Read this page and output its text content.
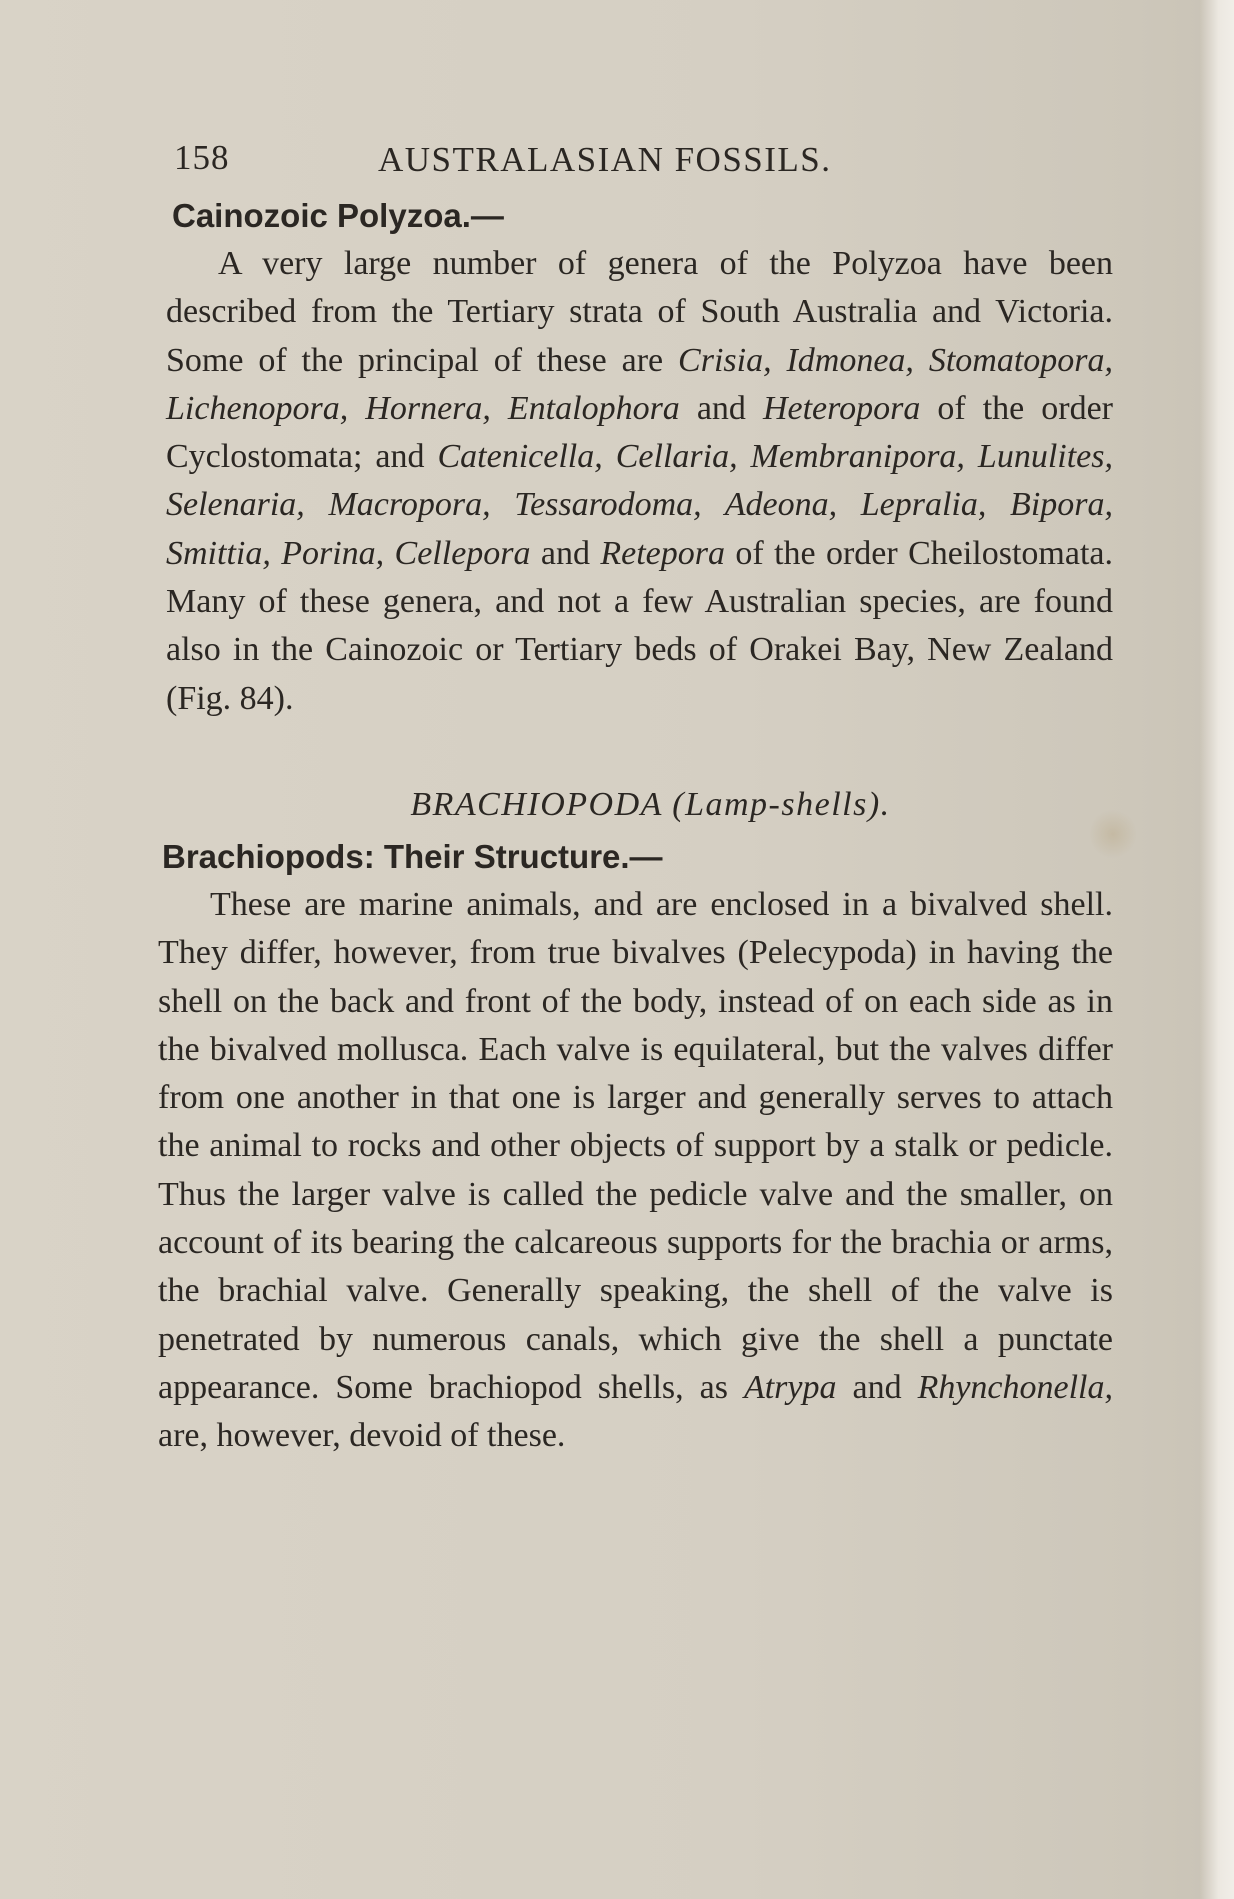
158	AUSTRALASIAN FOSSILS.
Cainozoic Polyzoa.—

A very large number of genera of the Polyzoa have been described from the Tertiary strata of South Australia and Victoria. Some of the principal of these are Crisia, Idmonea, Stomatopora, Lichenopora, Hornera, Entalophora and Heteropora of the order Cyclostomata; and Catenicella, Cellaria, Membranipora, Lunulites, Selenaria, Macropora, Tessarodoma, Adeona, Lepralia, Bipora, Smittia, Porina, Cellepora and Retepora of the order Cheilostomata. Many of these genera, and not a few Australian species, are found also in the Cainozoic or Tertiary beds of Orakei Bay, New Zealand (Fig. 84).

BRACHIOPODA (Lamp-shells).
Brachiopods: Their Structure.—

These are marine animals, and are enclosed in a bivalved shell. They differ, however, from true bivalves (Pelecypoda) in having the shell on the back and front of the body, instead of on each side as in the bivalved mollusca. Each valve is equilateral, but the valves differ from one another in that one is larger and generally serves to attach the animal to rocks and other objects of support by a stalk or pedicle. Thus the larger valve is called the pedicle valve and the smaller, on account of its bearing the calcareous supports for the brachia or arms, the brachial valve. Generally speaking, the shell of the valve is penetrated by numerous canals, which give the shell a punctate appearance. Some brachiopod shells, as Atrypa and Rhynchonella, are, however, devoid of these.
